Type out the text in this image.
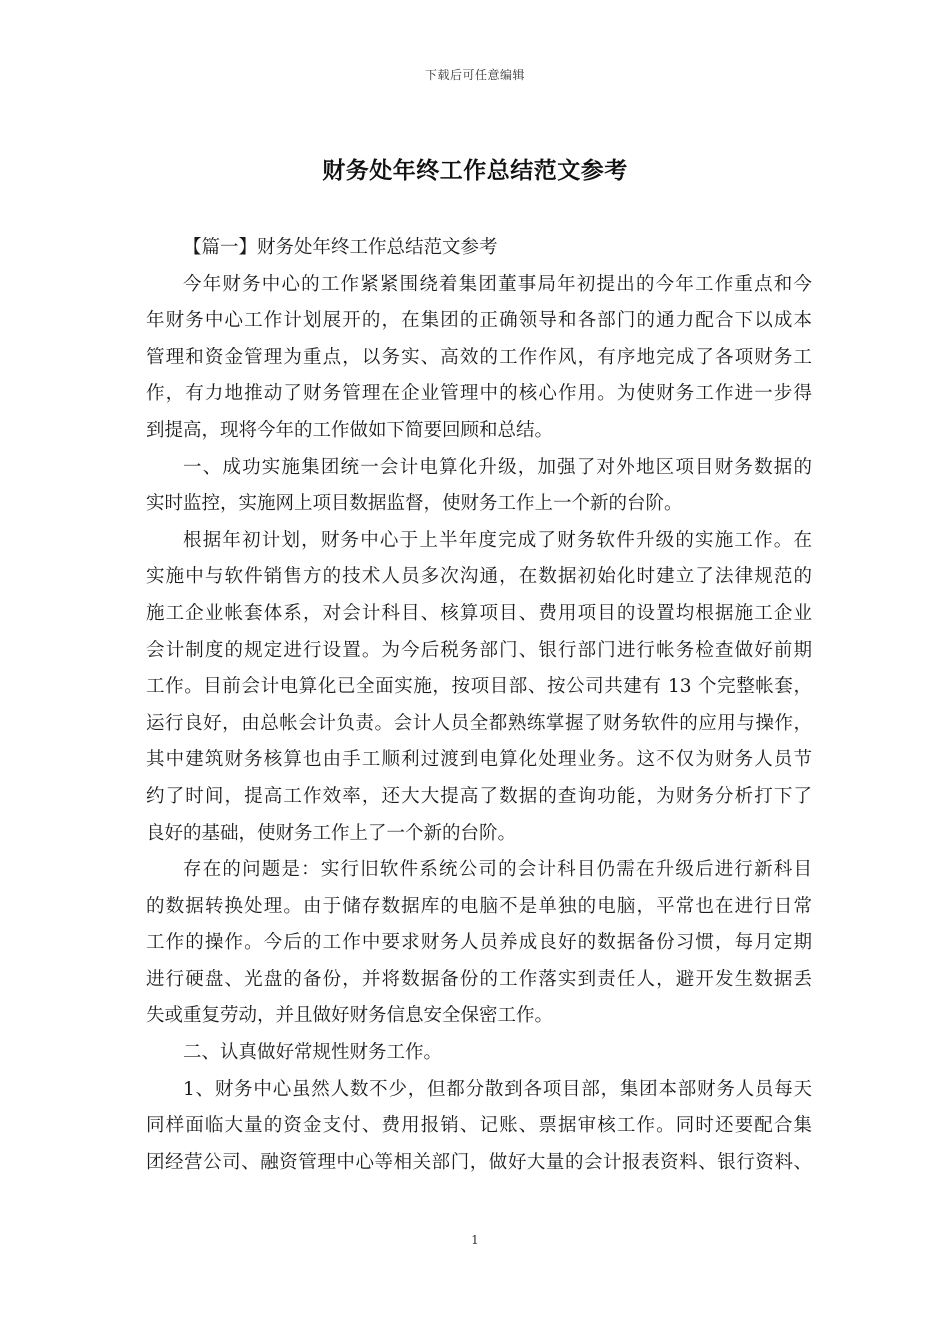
下载后可任意编辑
财务处年终工作总结范文参考
【篇一】财务处年终工作总结范文参考
今年财务中心的工作紧紧围绕着集团董事局年初提出的今年工作重点和今
年财务中心工作计划展开的，在集团的正确领导和各部门的通力配合下以成本
管理和资金管理为重点，以务实、高效的工作作风，有序地完成了各项财务工
作，有力地推动了财务管理在企业管理中的核心作用。为使财务工作进一步得
到提高，现将今年的工作做如下简要回顾和总结。
一、成功实施集团统一会计电算化升级，加强了对外地区项目财务数据的
实时监控，实施网上项目数据监督，使财务工作上一个新的台阶。
根据年初计划，财务中心于上半年度完成了财务软件升级的实施工作。在
实施中与软件销售方的技术人员多次沟通，在数据初始化时建立了法律规范的
施工企业帐套体系，对会计科目、核算项目、费用项目的设置均根据施工企业
会计制度的规定进行设置。为今后税务部门、银行部门进行帐务检查做好前期
工作。目前会计电算化已全面实施，按项目部、按公司共建有 13 个完整帐套，
运行良好，由总帐会计负责。会计人员全都熟练掌握了财务软件的应用与操作，
其中建筑财务核算也由手工顺利过渡到电算化处理业务。这不仅为财务人员节
约了时间，提高工作效率，还大大提高了数据的查询功能，为财务分析打下了
良好的基础，使财务工作上了一个新的台阶。
存在的问题是：实行旧软件系统公司的会计科目仍需在升级后进行新科目
的数据转换处理。由于储存数据库的电脑不是单独的电脑，平常也在进行日常
工作的操作。今后的工作中要求财务人员养成良好的数据备份习惯，每月定期
进行硬盘、光盘的备份，并将数据备份的工作落实到责任人，避开发生数据丢
失或重复劳动，并且做好财务信息安全保密工作。
二、认真做好常规性财务工作。
1、财务中心虽然人数不少，但都分散到各项目部，集团本部财务人员每天
同样面临大量的资金支付、费用报销、记账、票据审核工作。同时还要配合集
团经营公司、融资管理中心等相关部门，做好大量的会计报表资料、银行资料、
1
